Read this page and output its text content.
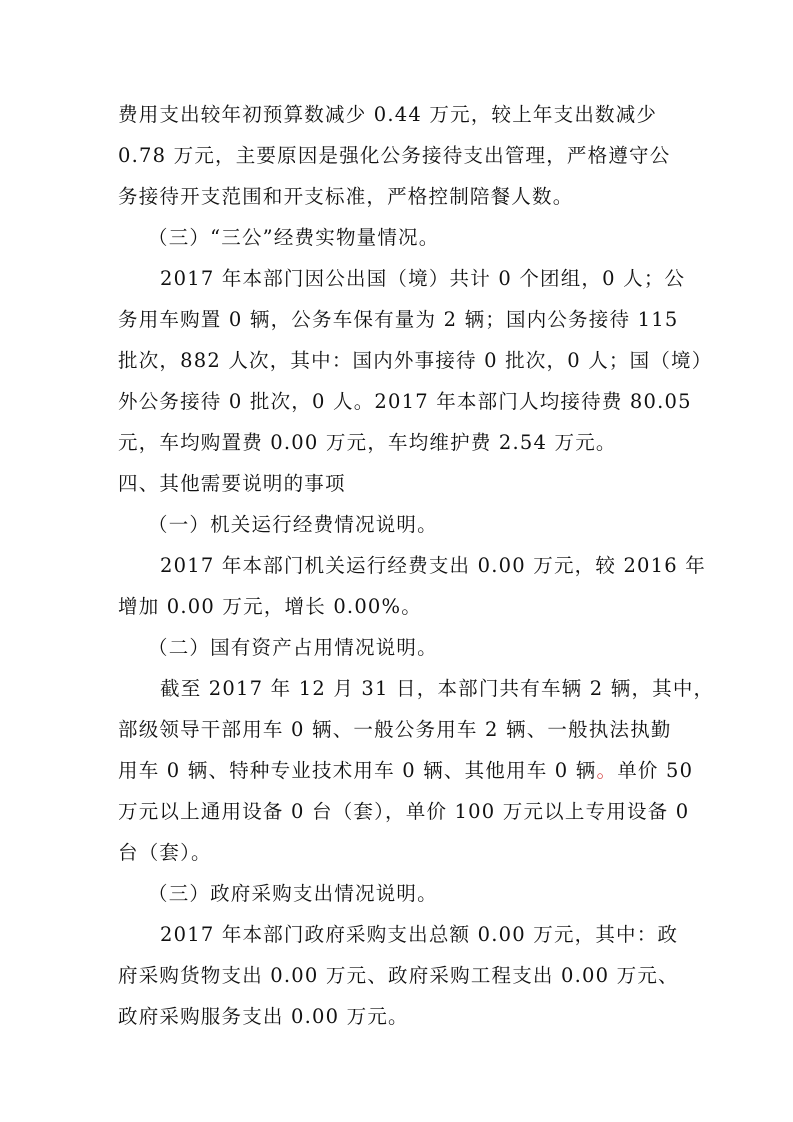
费用支出较年初预算数减少 0.44 万元，较上年支出数减少
0.78 万元，主要原因是强化公务接待支出管理，严格遵守公
务接待开支范围和开支标准，严格控制陪餐人数。
（三）“三公”经费实物量情况。
2017 年本部门因公出国（境）共计 0 个团组，0 人；公
务用车购置 0 辆，公务车保有量为 2 辆；国内公务接待 115
批次，882 人次，其中：国内外事接待 0 批次，0 人；国（境）
外公务接待 0 批次，0 人。2017 年本部门人均接待费 80.05
元，车均购置费 0.00 万元，车均维护费 2.54 万元。
四、其他需要说明的事项
（一）机关运行经费情况说明。
2017 年本部门机关运行经费支出 0.00 万元，较 2016 年
增加 0.00 万元，增长 0.00%。
（二）国有资产占用情况说明。
截至 2017 年 12 月 31 日，本部门共有车辆 2 辆，其中，
部级领导干部用车 0 辆、一般公务用车 2 辆、一般执法执勤
用车 0 辆、特种专业技术用车 0 辆、其他用车 0 辆。单价 50
万元以上通用设备 0 台（套），单价 100 万元以上专用设备 0
台（套）。
（三）政府采购支出情况说明。
2017 年本部门政府采购支出总额 0.00 万元，其中：政
府采购货物支出 0.00 万元、政府采购工程支出 0.00 万元、
政府采购服务支出 0.00 万元。
